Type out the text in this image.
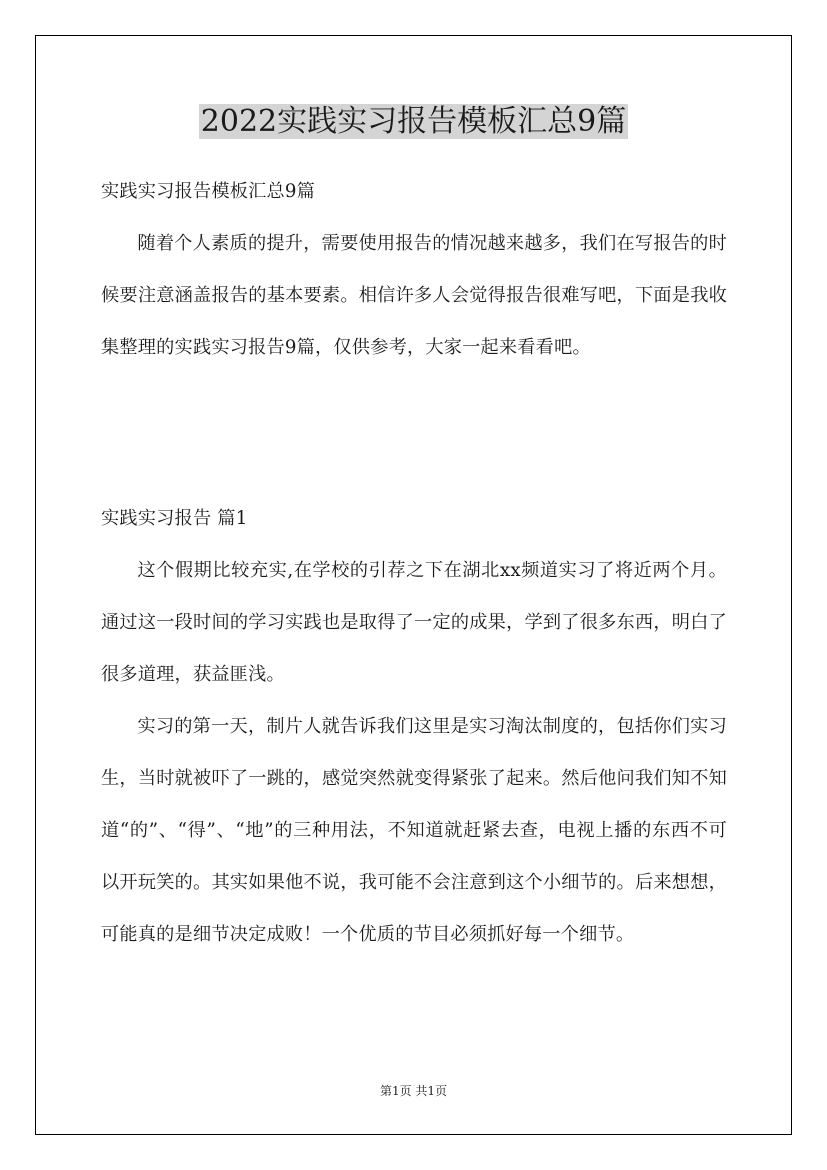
2022实践实习报告模板汇总9篇

实践实习报告模板汇总9篇

随着个人素质的提升，需要使用报告的情况越来越多，我们在写报告的时候要注意涵盖报告的基本要素。相信许多人会觉得报告很难写吧，下面是我收集整理的实践实习报告9篇，仅供参考，大家一起来看看吧。

实践实习报告 篇1

这个假期比较充实,在学校的引荐之下在湖北xx频道实习了将近两个月。通过这一段时间的学习实践也是取得了一定的成果，学到了很多东西，明白了很多道理，获益匪浅。

实习的第一天，制片人就告诉我们这里是实习淘汰制度的，包括你们实习生，当时就被吓了一跳的，感觉突然就变得紧张了起来。然后他问我们知不知道“的”、“得”、“地”的三种用法，不知道就赶紧去查，电视上播的东西不可以开玩笑的。其实如果他不说，我可能不会注意到这个小细节的。后来想想，可能真的是细节决定成败！一个优质的节目必须抓好每一个细节。

第1页 共1页
